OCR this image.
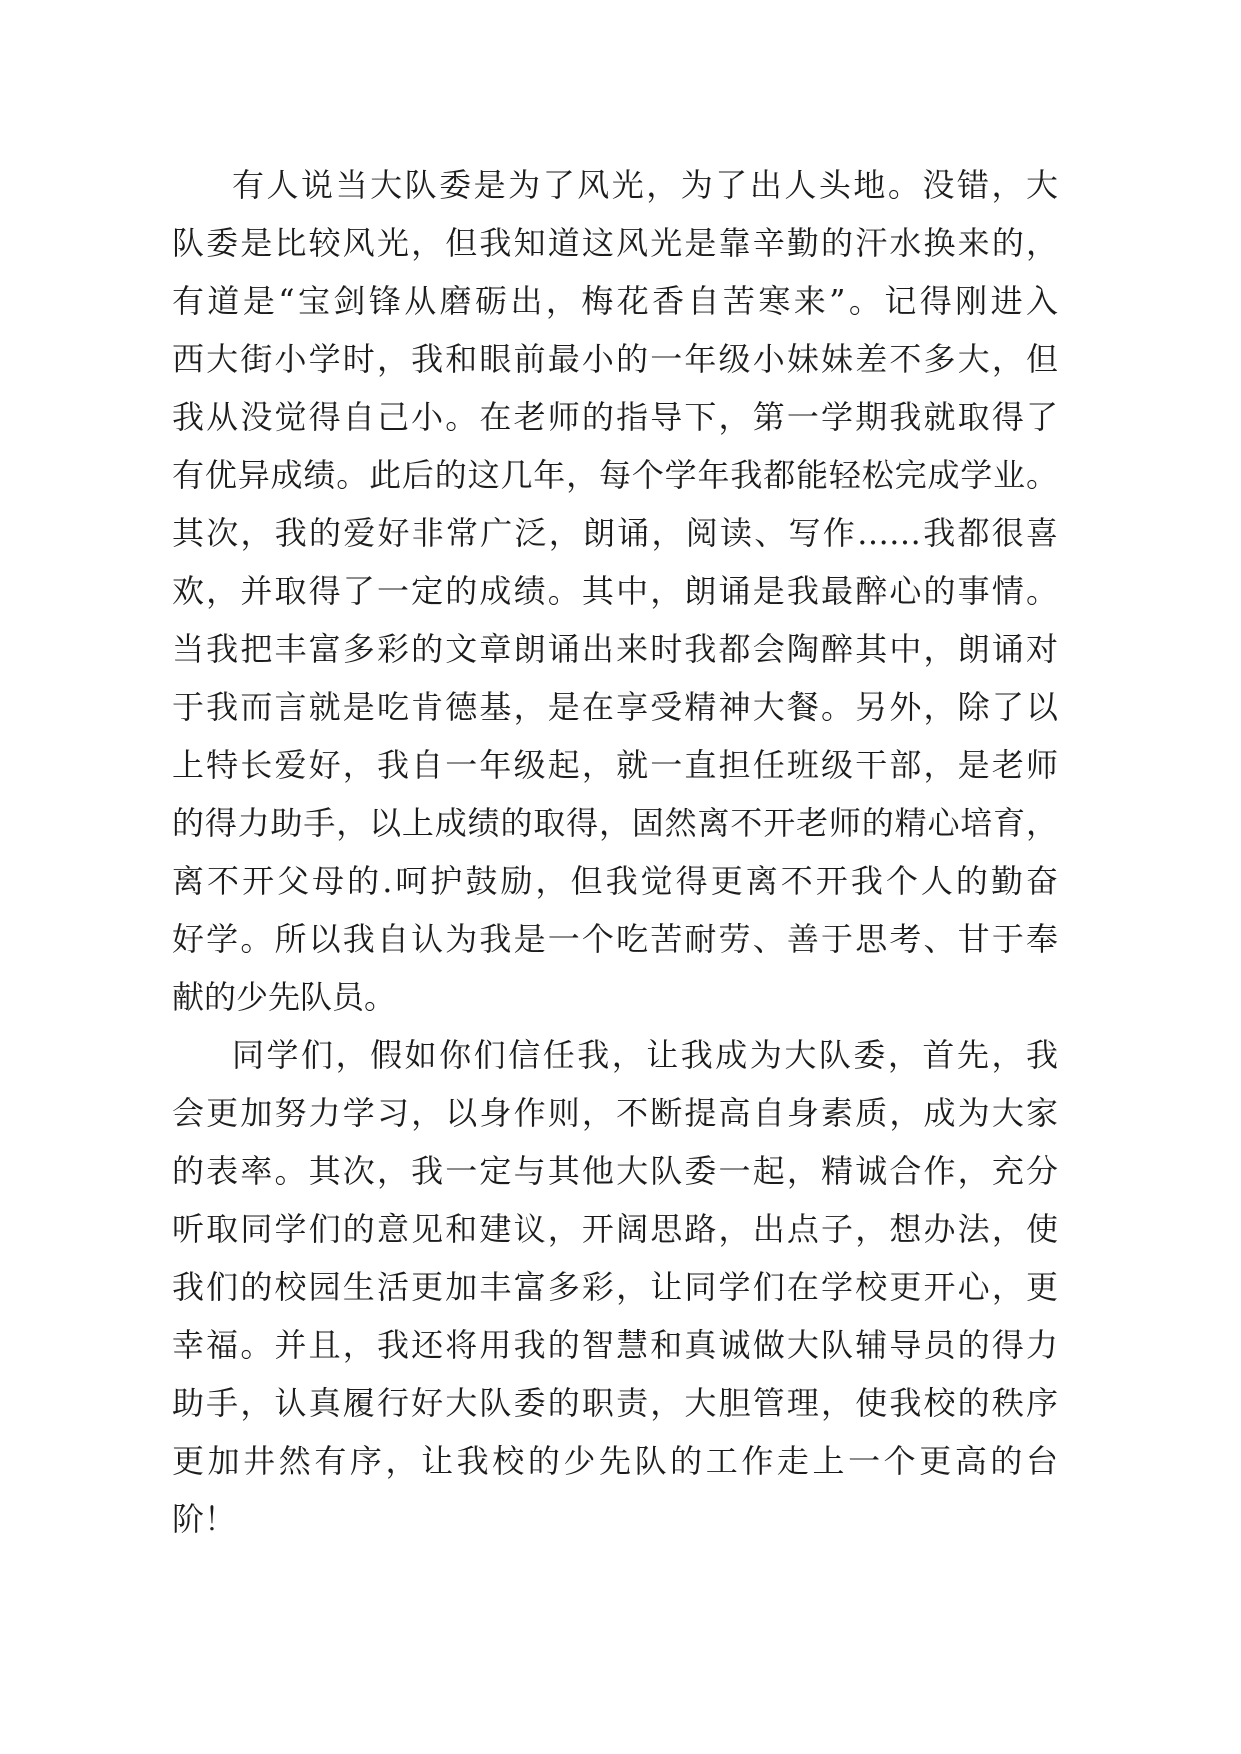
有人说当大队委是为了风光，为了出人头地。没错，大
队委是比较风光，但我知道这风光是靠辛勤的汗水换来的，
有道是“宝剑锋从磨砺出，梅花香自苦寒来”。记得刚进入
西大街小学时，我和眼前最小的一年级小妹妹差不多大，但
我从没觉得自己小。在老师的指导下，第一学期我就取得了
有优异成绩。此后的这几年，每个学年我都能轻松完成学业。
其次，我的爱好非常广泛，朗诵，阅读、写作……我都很喜
欢，并取得了一定的成绩。其中，朗诵是我最醉心的事情。
当我把丰富多彩的文章朗诵出来时我都会陶醉其中，朗诵对
于我而言就是吃肯德基，是在享受精神大餐。另外，除了以
上特长爱好，我自一年级起，就一直担任班级干部，是老师
的得力助手，以上成绩的取得，固然离不开老师的精心培育，
离不开父母的.呵护鼓励，但我觉得更离不开我个人的勤奋
好学。所以我自认为我是一个吃苦耐劳、善于思考、甘于奉
献的少先队员。
同学们，假如你们信任我，让我成为大队委，首先，我
会更加努力学习，以身作则，不断提高自身素质，成为大家
的表率。其次，我一定与其他大队委一起，精诚合作，充分
听取同学们的意见和建议，开阔思路，出点子，想办法，使
我们的校园生活更加丰富多彩，让同学们在学校更开心，更
幸福。并且，我还将用我的智慧和真诚做大队辅导员的得力
助手，认真履行好大队委的职责，大胆管理，使我校的秩序
更加井然有序，让我校的少先队的工作走上一个更高的台
阶！
